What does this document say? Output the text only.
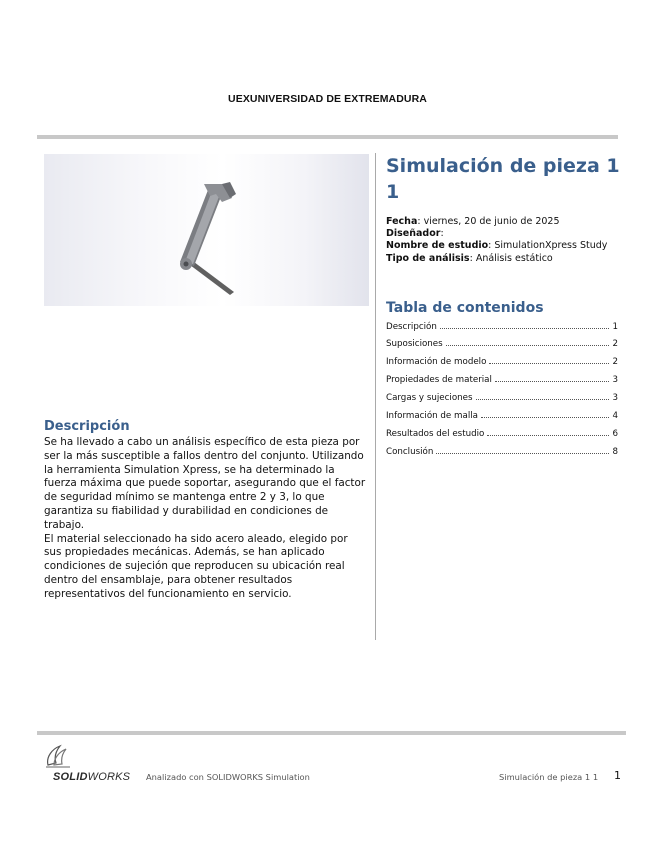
UEXUNIVERSIDAD DE EXTREMADURA
Simulación de pieza 1 1
Fecha: viernes, 20 de junio de 2025
Diseñador:
Nombre de estudio: SimulationXpress Study
Tipo de análisis: Análisis estático
Tabla de contenidos
Descripción	1
Suposiciones	2
Información de modelo	2
Propiedades de material	3
Cargas y sujeciones	3
Información de malla	4
Resultados del estudio	6
Conclusión	8
Descripción

Se ha llevado a cabo un análisis específico de esta pieza por ser la más susceptible a fallos dentro del conjunto. Utilizando la herramienta Simulation Xpress, se ha determinado la fuerza máxima que puede soportar, asegurando que el factor de seguridad mínimo se mantenga entre 2 y 3, lo que garantiza su fiabilidad y durabilidad en condiciones de trabajo.

El material seleccionado ha sido acero aleado, elegido por sus propiedades mecánicas. Además, se han aplicado condiciones de sujeción que reproducen su ubicación real dentro del ensamblaje, para obtener resultados representativos del funcionamiento en servicio.

SOLIDWORKS Analizado con SOLIDWORKS Simulation	Simulación de pieza 1 1 1
